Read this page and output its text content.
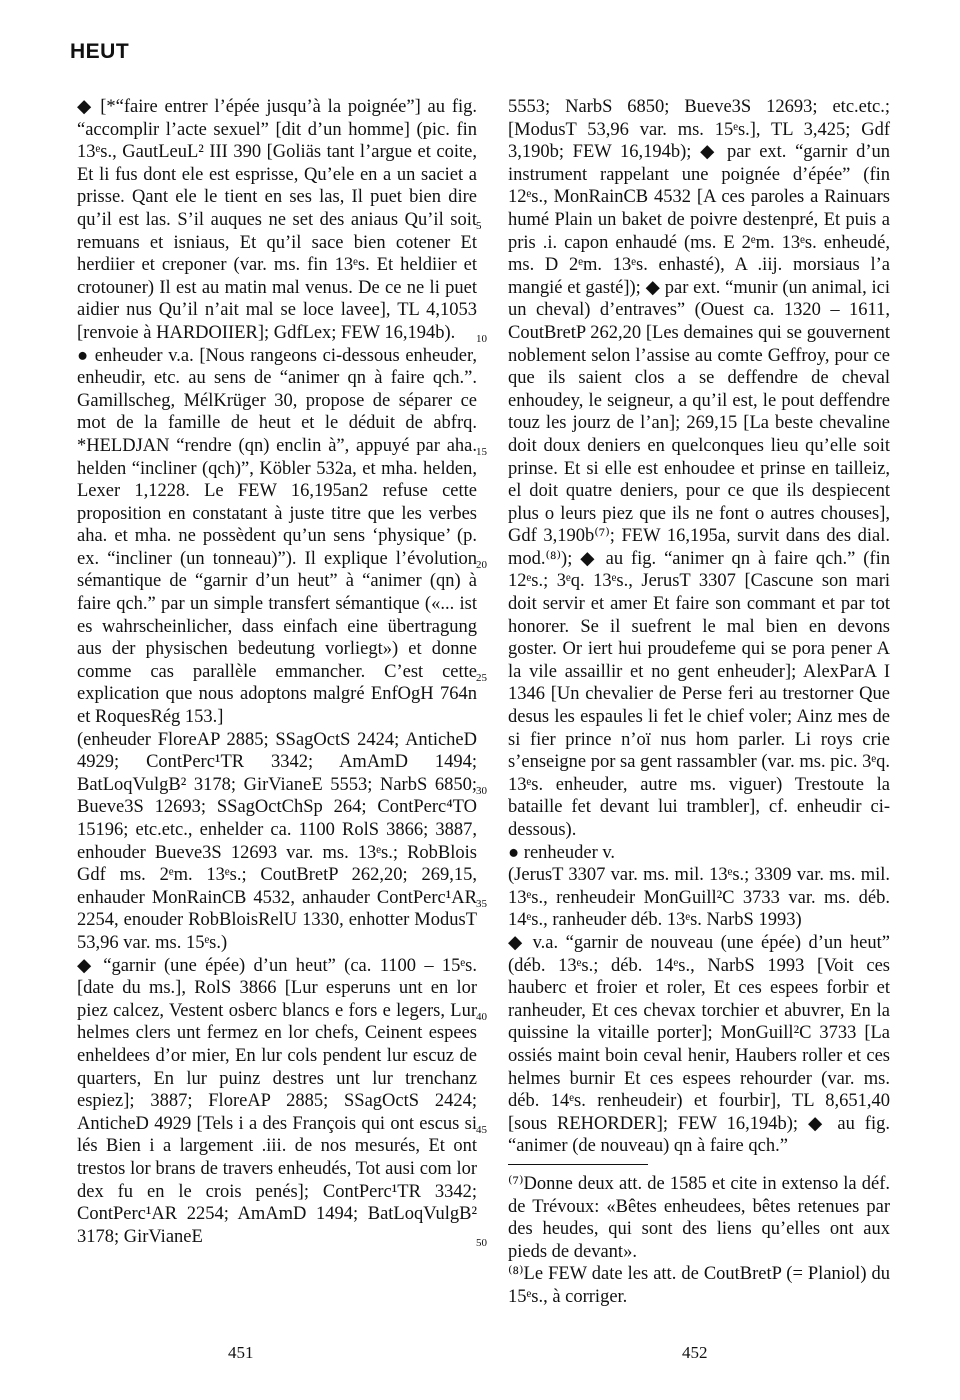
HEUT

◆ [*“faire entrer l’épée jusqu’à la poignée”] au fig. “accomplir l’acte sexuel” [dit d’un homme] (pic. fin 13ᵉs., GautLeuL² III 390 [Goliäs tant l’argue et coite, Et li fus dont ele est esprisse, Qu’ele en a un saciet a prisse. Qant ele le tient en ses las, Il puet bien dire qu’il est las. S’il auques ne set des aniaus Qu’il soit remuans et isniaus, Et qu’il sace bien cotener Et herdiier et creponer (var. ms. fin 13ᵉs. Et heldiier et crotouner) Il est au matin mal venus. De ce ne li puet aidier nus Qu’il n’ait mal se loce lavee], TL 4,1053 [renvoie à HARDOIIER]; GdfLex; FEW 16,194b).

● enheuder v.a. [Nous rangeons ci-dessous enheuder, enheudir, etc. au sens de “animer qn à faire qch.”. Gamillscheg, MélKrüger 30, propose de séparer ce mot de la famille de heut et le déduit de abfrq. *HELDJAN “rendre (qn) enclin à”, appuyé par aha. helden “incliner (qch)”, Köbler 532a, et mha. helden, Lexer 1,1228. Le FEW 16,195an2 refuse cette proposition en constatant à juste titre que les verbes aha. et mha. ne possèdent qu’un sens ‘physique’ (p. ex. “incliner (un tonneau)”). Il explique l’évolution sémantique de “garnir d’un heut” à “animer (qn) à faire qch.” par un simple transfert sémantique («... ist es wahrscheinlicher, dass einfach eine übertragung aus der physischen bedeutung vorliegt») et donne comme cas parallèle emmancher. C’est cette explication que nous adoptons malgré EnfOgH 764n et RoquesRég 153.]

(enheuder FloreAP 2885; SSagOctS 2424; AnticheD 4929; ContPerc¹TR 3342; AmAmD 1494; BatLoqVulgB² 3178; GirVianeE 5553; NarbS 6850; Bueve3S 12693; SSagOctChSp 264; ContPerc⁴TO 15196; etc.etc., enhelder ca. 1100 RolS 3866; 3887, enhouder Bueve3S 12693 var. ms. 13ᵉs.; RobBlois Gdf ms. 2ᵉm. 13ᵉs.; CoutBretP 262,20; 269,15, enhauder MonRainCB 4532, anhauder ContPerc¹AR 2254, enouder RobBloisRelU 1330, enhotter ModusT 53,96 var. ms. 15ᵉs.)

◆ “garnir (une épée) d’un heut” (ca. 1100 – 15ᵉs. [date du ms.], RolS 3866 [Lur esperuns unt en lor piez calcez, Vestent osberc blancs e fors e legers, Lur helmes clers unt fermez en lor chefs, Ceinent espees enheldees d’or mier, En lur cols pendent lur escuz de quarters, En lur puinz destres unt lur trenchanz espiez]; 3887; FloreAP 2885; SSagOctS 2424; AnticheD 4929 [Tels i a des François qui ont escus si lés Bien i a largement .iii. de nos mesurés, Et ont trestos lor brans de travers enheudés, Tot ausi com lor dex fu en le crois penés]; ContPerc¹TR 3342; ContPerc¹AR 2254; AmAmD 1494; BatLoqVulgB² 3178; GirVianeE

5
10
15
20
25
30
35
40
45
50

5553; NarbS 6850; Bueve3S 12693; etc.etc.; [ModusT 53,96 var. ms. 15ᵉs.], TL 3,425; Gdf 3,190b; FEW 16,194b); ◆ par ext. “garnir d’un instrument rappelant une poignée d’épée” (fin 12ᵉs., MonRainCB 4532 [A ces paroles a Rainuars humé Plain un baket de poivre destenpré, Et puis a pris .i. capon enhaudé (ms. E 2ᵉm. 13ᵉs. enheudé, ms. D 2ᵉm. 13ᵉs. enhasté), A .iij. morsiaus l’a mangié et gasté]); ◆ par ext. “munir (un animal, ici un cheval) d’entraves” (Ouest ca. 1320 – 1611, CoutBretP 262,20 [Les demaines qui se gouvernent noblement selon l’assise au comte Geffroy, pour ce que ils saient clos a se deffendre de cheval enhoudey, le seigneur, a qu’il est, le pout deffendre touz les jourz de l’an]; 269,15 [La beste chevaline doit doux deniers en quelconques lieu qu’elle soit prinse. Et si elle est enhoudee et prinse en tailleiz, el doit quatre deniers, pour ce que ils despiecent plus o leurs piez que ils ne font o autres chouses], Gdf 3,190b⁽⁷⁾; FEW 16,195a, survit dans des dial. mod.⁽⁸⁾); ◆ au fig. “animer qn à faire qch.” (fin 12ᵉs.; 3ᵉq. 13ᵉs., JerusT 3307 [Cascune son mari doit servir et amer Et faire son commant et par tot honorer. Se il suefrent le mal bien en devons goster. Or iert hui proudefeme qui se pora pener A la vile assaillir et no gent enheuder]; AlexParA I 1346 [Un chevalier de Perse feri au trestorner Que desus les espaules li fet le chief voler; Ainz mes de si fier prince n’oï nus hom parler. Li roys crie s’enseigne por sa gent rassambler (var. ms. pic. 3ᵉq. 13ᵉs. enheuder, autre ms. viguer) Trestoute la bataille fet devant lui trambler], cf. enheudir ci-dessous).

● renheuder v.

(JerusT 3307 var. ms. mil. 13ᵉs.; 3309 var. ms. mil. 13ᵉs., renheudeir MonGuill²C 3733 var. ms. déb. 14ᵉs., ranheuder déb. 13ᵉs. NarbS 1993)

◆ v.a. “garnir de nouveau (une épée) d’un heut” (déb. 13ᵉs.; déb. 14ᵉs., NarbS 1993 [Voit ces hauberс et froier et roler, Et ces espees forbir et ranheuder, Et ces chevax torchier et abuvrer, En la quissine la vitaille porter]; MonGuill²C 3733 [La ossiés maint boin ceval henir, Haubers roller et ces helmes burnir Et ces espees rehourder (var. ms. déb. 14ᵉs. renheudeir) et fourbir], TL 8,651,40 [sous REHORDER]; FEW 16,194b); ◆ au fig. “animer (de nouveau) qn à faire qch.”

⁽⁷⁾Donne deux att. de 1585 et cite in extenso la déf. de Trévoux: «Bêtes enheudees, bêtes retenues par des heudes, qui sont des liens qu’elles ont aux pieds de devant».

⁽⁸⁾Le FEW date les att. de CoutBretP (= Planiol) du 15ᵉs., à corriger.

451	452
